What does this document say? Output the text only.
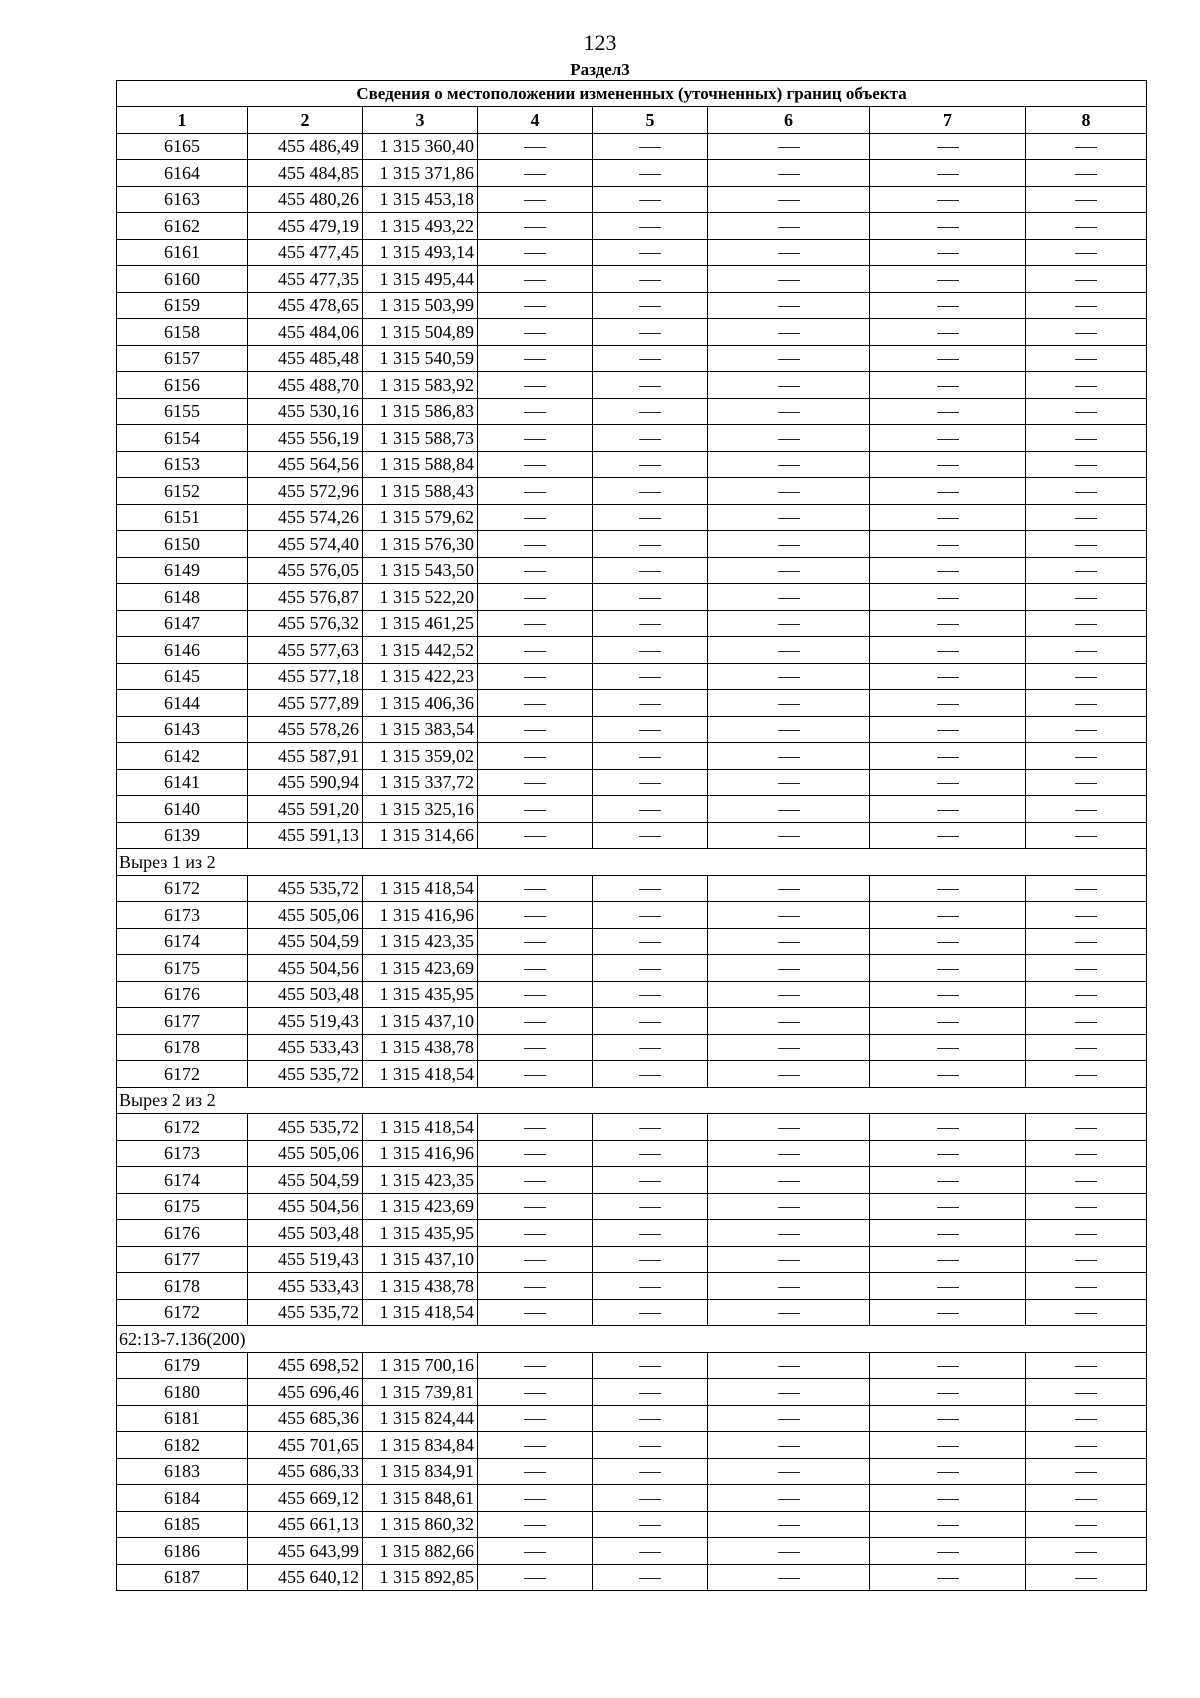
123
Раздел3
Сведения о местоположении измененных (уточненных) границ объекта							
1	2	3	4	5	6	7	8
6165	455 486,49	1 315 360,40	—	—	—	—	—
6164	455 484,85	1 315 371,86	—	—	—	—	—
6163	455 480,26	1 315 453,18	—	—	—	—	—
6162	455 479,19	1 315 493,22	—	—	—	—	—
6161	455 477,45	1 315 493,14	—	—	—	—	—
6160	455 477,35	1 315 495,44	—	—	—	—	—
6159	455 478,65	1 315 503,99	—	—	—	—	—
6158	455 484,06	1 315 504,89	—	—	—	—	—
6157	455 485,48	1 315 540,59	—	—	—	—	—
6156	455 488,70	1 315 583,92	—	—	—	—	—
6155	455 530,16	1 315 586,83	—	—	—	—	—
6154	455 556,19	1 315 588,73	—	—	—	—	—
6153	455 564,56	1 315 588,84	—	—	—	—	—
6152	455 572,96	1 315 588,43	—	—	—	—	—
6151	455 574,26	1 315 579,62	—	—	—	—	—
6150	455 574,40	1 315 576,30	—	—	—	—	—
6149	455 576,05	1 315 543,50	—	—	—	—	—
6148	455 576,87	1 315 522,20	—	—	—	—	—
6147	455 576,32	1 315 461,25	—	—	—	—	—
6146	455 577,63	1 315 442,52	—	—	—	—	—
6145	455 577,18	1 315 422,23	—	—	—	—	—
6144	455 577,89	1 315 406,36	—	—	—	—	—
6143	455 578,26	1 315 383,54	—	—	—	—	—
6142	455 587,91	1 315 359,02	—	—	—	—	—
6141	455 590,94	1 315 337,72	—	—	—	—	—
6140	455 591,20	1 315 325,16	—	—	—	—	—
6139	455 591,13	1 315 314,66	—	—	—	—	—
Вырез 1 из 2							
6172	455 535,72	1 315 418,54	—	—	—	—	—
6173	455 505,06	1 315 416,96	—	—	—	—	—
6174	455 504,59	1 315 423,35	—	—	—	—	—
6175	455 504,56	1 315 423,69	—	—	—	—	—
6176	455 503,48	1 315 435,95	—	—	—	—	—
6177	455 519,43	1 315 437,10	—	—	—	—	—
6178	455 533,43	1 315 438,78	—	—	—	—	—
6172	455 535,72	1 315 418,54	—	—	—	—	—
Вырез 2 из 2							
6172	455 535,72	1 315 418,54	—	—	—	—	—
6173	455 505,06	1 315 416,96	—	—	—	—	—
6174	455 504,59	1 315 423,35	—	—	—	—	—
6175	455 504,56	1 315 423,69	—	—	—	—	—
6176	455 503,48	1 315 435,95	—	—	—	—	—
6177	455 519,43	1 315 437,10	—	—	—	—	—
6178	455 533,43	1 315 438,78	—	—	—	—	—
6172	455 535,72	1 315 418,54	—	—	—	—	—
62:13-7.136(200)							
6179	455 698,52	1 315 700,16	—	—	—	—	—
6180	455 696,46	1 315 739,81	—	—	—	—	—
6181	455 685,36	1 315 824,44	—	—	—	—	—
6182	455 701,65	1 315 834,84	—	—	—	—	—
6183	455 686,33	1 315 834,91	—	—	—	—	—
6184	455 669,12	1 315 848,61	—	—	—	—	—
6185	455 661,13	1 315 860,32	—	—	—	—	—
6186	455 643,99	1 315 882,66	—	—	—	—	—
6187	455 640,12	1 315 892,85	—	—	—	—	—
